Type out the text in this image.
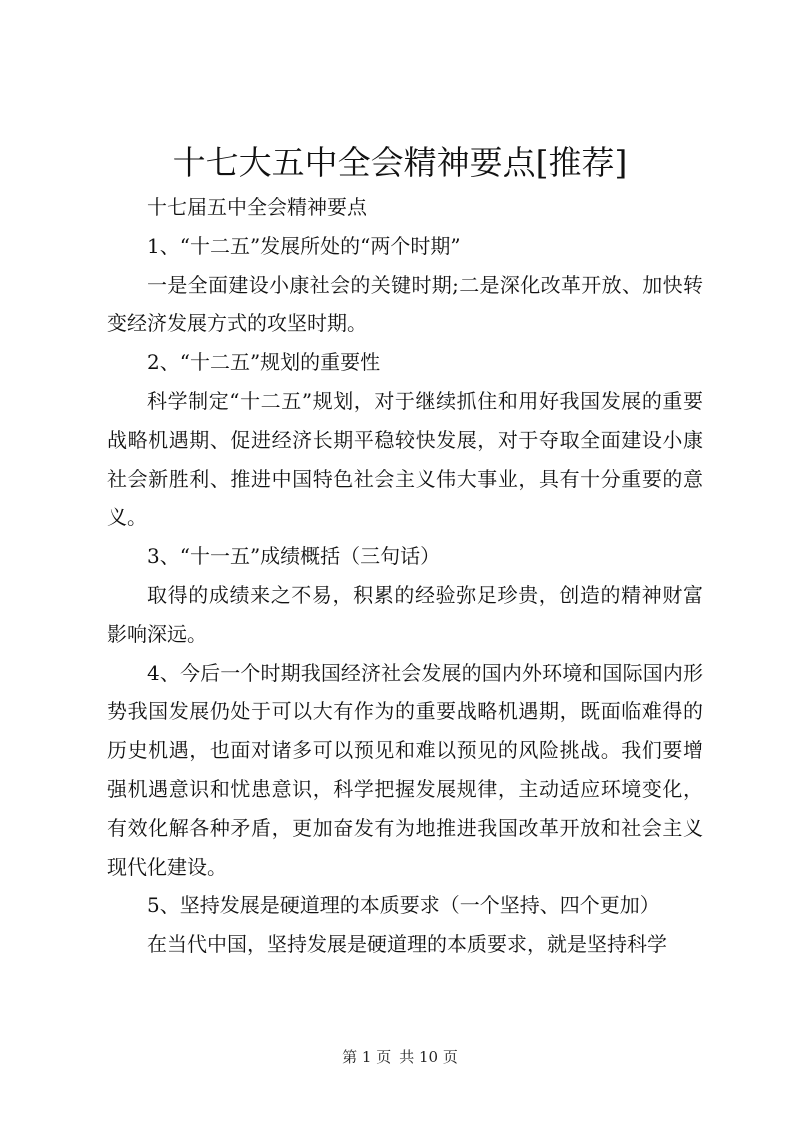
十七大五中全会精神要点[推荐]

十七届五中全会精神要点

1、“十二五”发展所处的“两个时期”

一是全面建设小康社会的关键时期;二是深化改革开放、加快转变经济发展方式的攻坚时期。

2、“十二五”规划的重要性

科学制定“十二五”规划，对于继续抓住和用好我国发展的重要战略机遇期、促进经济长期平稳较快发展，对于夺取全面建设小康社会新胜利、推进中国特色社会主义伟大事业，具有十分重要的意义。

3、“十一五”成绩概括（三句话）

取得的成绩来之不易，积累的经验弥足珍贵，创造的精神财富影响深远。

4、今后一个时期我国经济社会发展的国内外环境和国际国内形势我国发展仍处于可以大有作为的重要战略机遇期，既面临难得的历史机遇，也面对诸多可以预见和难以预见的风险挑战。我们要增强机遇意识和忧患意识，科学把握发展规律，主动适应环境变化，有效化解各种矛盾，更加奋发有为地推进我国改革开放和社会主义现代化建设。

5、坚持发展是硬道理的本质要求（一个坚持、四个更加）

在当代中国，坚持发展是硬道理的本质要求，就是坚持科学

第 1 页 共 10 页
